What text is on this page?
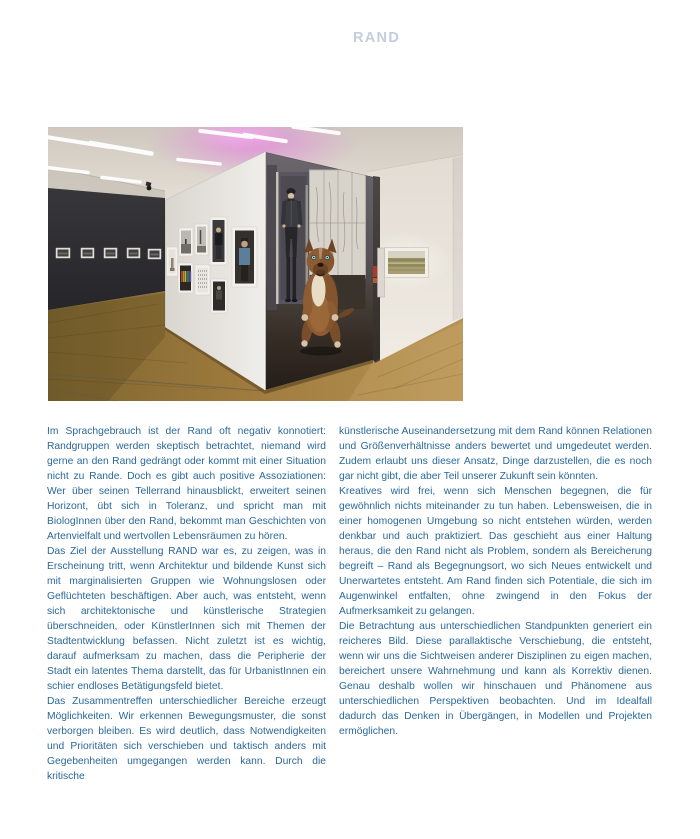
RAND

Im Sprachgebrauch ist der Rand oft negativ konnotiert: Randgruppen werden skeptisch betrachtet, niemand wird gerne an den Rand gedrängt oder kommt mit einer Situation nicht zu Rande. Doch es gibt auch positive Assoziationen: Wer über seinen Tellerrand hinausblickt, erweitert seinen Horizont, übt sich in Toleranz, und spricht man mit BiologInnen über den Rand, bekommt man Geschichten von Artenvielfalt und wertvollen Lebensräumen zu hören.

Das Ziel der Ausstellung RAND war es, zu zeigen, was in Erscheinung tritt, wenn Architektur und bildende Kunst sich mit marginalisierten Gruppen wie Wohnungslosen oder Geflüchteten beschäftigen. Aber auch, was entsteht, wenn sich architektonische und künstlerische Strategien überschneiden, oder KünstlerInnen sich mit Themen der Stadtentwicklung befassen. Nicht zuletzt ist es wichtig, darauf aufmerksam zu machen, dass die Peripherie der Stadt ein latentes Thema darstellt, das für UrbanistInnen ein schier endloses Betätigungsfeld bietet.

Das Zusammentreffen unterschiedlicher Bereiche erzeugt Möglichkeiten. Wir erkennen Bewegungsmuster, die sonst verborgen bleiben. Es wird deutlich, dass Notwendigkeiten und Prioritäten sich verschieben und taktisch anders mit Gegebenheiten umgegangen werden kann. Durch die kritische

künstlerische Auseinandersetzung mit dem Rand können Relationen und Größenverhältnisse anders bewertet und umgedeutet werden. Zudem erlaubt uns dieser Ansatz, Dinge darzustellen, die es noch gar nicht gibt, die aber Teil unserer Zukunft sein könnten.

Kreatives wird frei, wenn sich Menschen begegnen, die für gewöhnlich nichts miteinander zu tun haben. Lebensweisen, die in einer homogenen Umgebung so nicht entstehen würden, werden denkbar und auch praktiziert. Das geschieht aus einer Haltung heraus, die den Rand nicht als Problem, sondern als Bereicherung begreift – Rand als Begegnungsort, wo sich Neues entwickelt und Unerwartetes entsteht. Am Rand finden sich Potentiale, die sich im Augenwinkel entfalten, ohne zwingend in den Fokus der Aufmerksamkeit zu gelangen.

Die Betrachtung aus unterschiedlichen Standpunkten generiert ein reicheres Bild. Diese parallaktische Verschiebung, die entsteht, wenn wir uns die Sichtweisen anderer Disziplinen zu eigen machen, bereichert unsere Wahrnehmung und kann als Korrektiv dienen. Genau deshalb wollen wir hinschauen und Phänomene aus unterschiedlichen Perspektiven beobachten. Und im Idealfall dadurch das Denken in Übergängen, in Modellen und Projekten ermöglichen.
